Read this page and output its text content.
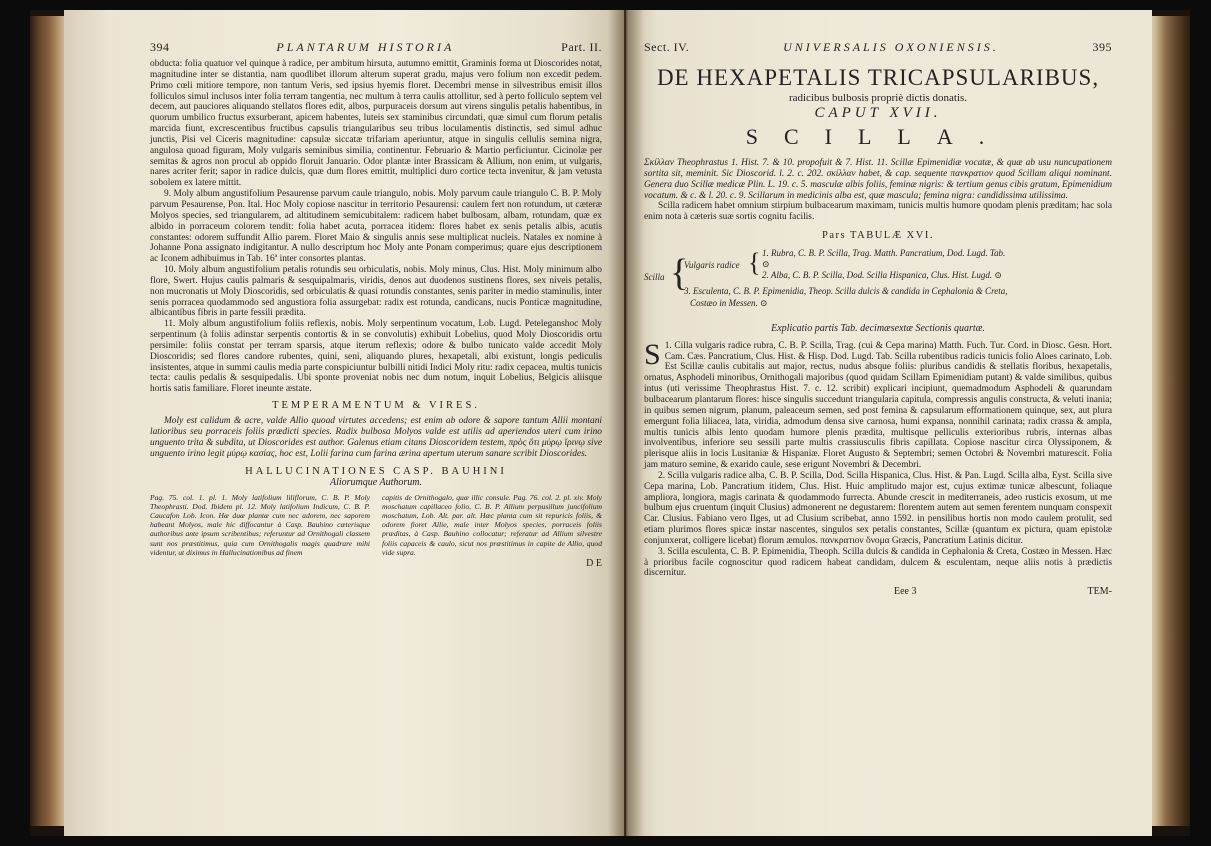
394	PLANTARUM HISTORIA	Part. II.

obducta: folia quatuor vel quinque à radice, per ambitum hirsuta, autumno emittit, Graminis forma ut Dioscorides notat, magnitudine inter se distantia, nam quodlibet illorum alterum superat gradu, majus vero folium non excedit pedem. Primo cœli mitiore tempore, non tantum Veris, sed ipsius hyemis floret. Decembri mense in silvestribus emisit illos folliculos simul inclusos inter folia terram tangentia, nec multum à terra caulis attollitur, sed à perto folliculo septem vel decem, aut pauciores aliquando stellatos flores edit, albos, purpuraceis dorsum aut virens singulis petalis habentibus, in quorum umbilico fructus exsurberant, apicem habentes, luteis sex staminibus circundati, quæ simul cum florum petalis marcida fiunt, excrescentibus fructibus capsulis triangularibus seu tribus loculamentis distinctis, sed simul adhuc junctis, Pisi vel Ciceris magnitudine: capsulæ siccatæ trifariam aperiuntur, atque in singulis cellulis semina nigra, angulosa quoad figuram, Moly vulgaris seminibus similia, continentur. Februario & Martio perficiuntur. Cicinolæ per semitas & agros non procul ab oppido floruit Januario. Odor plantæ inter Brassicam & Allium, non enim, ut vulgaris, nares acriter ferit; sapor in radice dulcis, quæ dum flores emittit, multiplici duro cortice tecta invenitur, & jam vetusta sobolem ex latere mittit.

9. Moly album angustifolium Pesaurense parvum caule triangulo, nobis. Moly parvum caule triangulo C. B. P. Moly parvum Pesaurense, Pon. Ital. Hoc Moly copiose nascitur in territorio Pesaurensi: caulem fert non rotundum, ut cæteræ Molyos species, sed triangularem, ad altitudinem semicubitalem: radicem habet bulbosam, albam, rotundam, quæ ex albido in porraceum colorem tendit: folia habet acuta, porracea itidem: flores habet ex senis petalis albis, acutis constantes: odorem suffundit Allio parem. Floret Maio & singulis annis sese multiplicat nucleis. Natales ex nomine à Johanne Pona assignato indigitantur. A nullo descriptum hoc Moly ante Ponam comperimus; quare ejus descriptionem ac Iconem adhibuimus in Tab. 16ª inter consortes plantas.

10. Moly album angustifolium petalis rotundis seu orbiculatis, nobis. Moly minus, Clus. Hist. Moly minimum albo flore, Swert. Hujus caulis palmaris & sesquipalmaris, viridis, denos aut duodenos sustinens flores, sex niveis petalis, non mucronatis ut Moly Dioscoridis, sed orbiculatis & quasi rotundis constantes, senis pariter in medio staminulis, inter senis porracea quodammodo sed angustiora folia assurgebat: radix est rotunda, candicans, nucis Ponticæ magnitudine, albicantibus fibris in parte fessili prædita.

11. Moly album angustifolium foliis reflexis, nobis. Moly serpentinum vocatum, Lob. Lugd. Peteleganshoc Moly serpentinum (à foliis adinstar serpentis contortis & in se convolutis) exhibuit Lobelius, quod Moly Dioscoridis ortu persimile: foliis constat per terram sparsis, atque iterum reflexis; odore & bulbo tunicato valde accedit Moly Dioscoridis; sed flores candore rubentes, quini, seni, aliquando plures, hexapetali, albi existunt, longis pediculis insistentes, atque in summi caulis media parte conspiciuntur bulbilli nitidi Indici Moly ritu: radix cepacea, multis tunicis tecta: caulis pedalis & sesquipedalis. Ubi sponte proveniat nobis nec dum notum, inquit Lobelius, Belgicis aliisque hortis satis familiare. Floret ineunte æstate.

TEMPERAMENTUM & VIRES.

Moly est calidum & acre, valde Allio quoad virtutes accedens; est enim ab odore & sapore tantum Allii montani latioribus seu porraceis foliis prædicti species. Radix bulbosa Molyos valde est utilis ad aperiendos uteri cum irino unguento trita & subdita, ut Dioscorides est author. Galenus etiam citans Dioscoridem testem, πρὸς ὅτι μύρῳ ἴρινῳ sive unguento irino legit μύρῳ κασίας, hoc est, Lolii farina cum farina ærina apertum uterum sanare scribit Dioscorides.

HALLUCINATIONES CASP. BAUHINI
Aliorumque Authorum.
Pag. 75. col. 1. pl. 1. Moly latifolium liliflorum, C. B. P. Moly Theophrasti. Dod. Ibidem pl. 12. Moly latifolium Indicum, C. B. P. Caucafon Lob. Icon. Hæ duæ plantæ cum nec adorem, nec saporem habeant Molyos, male hic diffocantur à Casp. Bauhino cæterisque authoribus ante ipsum scribentibus; referuntur ad Ornithogali classem sunt nos præstitimus, quia cum Ornithogalis magis quadrare mihi videntur, ut diximus in Hallucinationibus ad finem
capitis de Ornithogalo, quæ illic consule. Pag. 76. col. 2. pl. xiv. Moly moschatum capillaceo folio, C. B. P. Allium perpusillum juncifolium moschatum, Lob. Alt. par. alt. Hæc planta cum sit repuricis foliis, & odorem fioret Allie, male inter Molyos species, porraceis foliis præditas, à Casp. Bauhino collocatur; referatur ad Allium silvestre foliis capaceis & caulo, sicut nos præstitimus in capite de Allio, quod vide supra.
D E
Sect. IV.	UNIVERSALIS OXONIENSIS.	395
DE HEXAPETALIS TRICAPSULARIBUS,
radicibus bulbosis propriè dictis donatis.
CAPUT XVII.
SCILLA.

Σκίλλαν Theophrastus 1. Hist. 7. & 10. propofuit & 7. Hist. 11. Scillæ Epimenidiæ vocatæ, & quæ ab usu nuncupationem sortita sit, meminit. Sic Dioscorid. l. 2. c. 202. σκίλλαν habet, & cap. sequente πανκρατιον quod Scillam aliqui nominant. Genera duo Scillæ medicæ Plin. L. 19. c. 5. masculæ albis foliis, feminæ nigris: & tertium genus cibis gratum, Epimenidium vocatum. & c. & l. 20. c. 9. Scillarum in medicinis alba est, quæ mascula; femina nigra: candidissima utilissima.

Scilla radicem habet omnium stirpium bulbacearum maximam, tunicis multis humore quodam plenis præditam; hac sola enim nota à cæteris suæ sortis cognitu facilis.

Pars TABULÆ XVI.
Scilla {
Vulgaris radice { 1. Rubra, C. B. P. Scilla, Trag. Matth. Pancratium, Dod. Lugd. Tab.
⊙
2. Alba, C. B. P. Scilla, Dod. Scilla Hispanica, Clus. Hist. Lugd. ⊙
3. Esculenta, C. B. P. Epimenidia, Theop. Scilla dulcis & candida in Cephalonia & Creta,
Costæo in Messen. ⊙
Explicatio partis Tab. decimæsextæ Sectionis quartæ.

1.
S Cilla vulgaris radice rubra, C. B. P. Scilla, Trag. (cui & Cepa marina) Matth. Fuch. Tur. Cord. in Diosc. Gesn. Hort. Cam. Cæs. Pancratium, Clus. Hist. & Hisp. Dod. Lugd. Tab. Scilla rubentibus radicis tunicis folio Aloes carinato, Lob. Est Scillæ caulis cubitalis aut major, rectus, nudus absque foliis: pluribus candidis & stellatis floribus, hexapetalis, ornatus, Asphodeli minoribus, Ornithogali majoribus (quod quidam Scillam Epimenidiam putant) & valde similibus, quibus intus (uti verissime Theophrastus Hist. 7. c. 12. scribit) explicari incipiunt, quemadmodum Asphodeli & quarundam bulbacearum plantarum flores: hisce singulis succedunt triangularia capitula, compressis angulis constructa, & veluti inania; in quibus semen nigrum, planum, paleaceum semen, sed post femina & capsularum efformationem quinque, sex, aut plura emergunt folia liliacea, lata, viridia, admodum densa sive carnosa, humi expansa, nonnihil carinata; radix crassa & ampla, multis tunicis albis lento quodam humore plenis prædita, multisque pelliculis exterioribus rubris, internas albas involventibus, inferiore seu sessili parte multis crassiusculis fibris capillata. Copiose nascitur circa Olyssiponem, & plerisque aliis in locis Lusitaniæ & Hispaniæ. Floret Augusto & Septembri; semen Octobri & Novembri maturescit. Folia jam maturo semine, & exarido caule, sese erigunt Novembri & Decembri.

2. Scilla vulgaris radice alba, C. B. P. Scilla, Dod. Scilla Hispanica, Clus. Hist. & Pan. Lugd. Scilla alba, Eyst. Scilla sive Cepa marina, Lob. Pancratium itidem, Clus. Hist. Huic amplitudo major est, cujus extimæ tunicæ albescunt, foliaque ampliora, longiora, magis carinata & quodammodo furrecta. Abunde crescit in mediterraneis, adeo rusticis exosum, ut me bulbum ejus cruentum (inquit Clusius) admonerent ne degustarem: florentem autem aut semen ferentem nunquam conspexit Car. Clusius. Fabiano vero Ilges, ut ad Clusium scribebat, anno 1592. in pensilibus hortis non modo caulem protulit, sed etiam plurimos flores spicæ instar nascentes, singulos sex petalis constantes, Scillæ (quantum ex pictura, quam epistolæ conjunxerat, colligere licebat) florum æmulos. πανκρατιον ὄνομα Græcis, Pancratium Latinis dicitur.

3. Scilla esculenta, C. B. P. Epimenidia, Theoph. Scilla dulcis & candida in Cephalonia & Creta, Costæo in Messen. Hæc à prioribus facile cognoscitur quod radicem habeat candidam, dulcem & esculentam, neque aliis notis à prædictis discernitur.

Eee 3	TEM-
